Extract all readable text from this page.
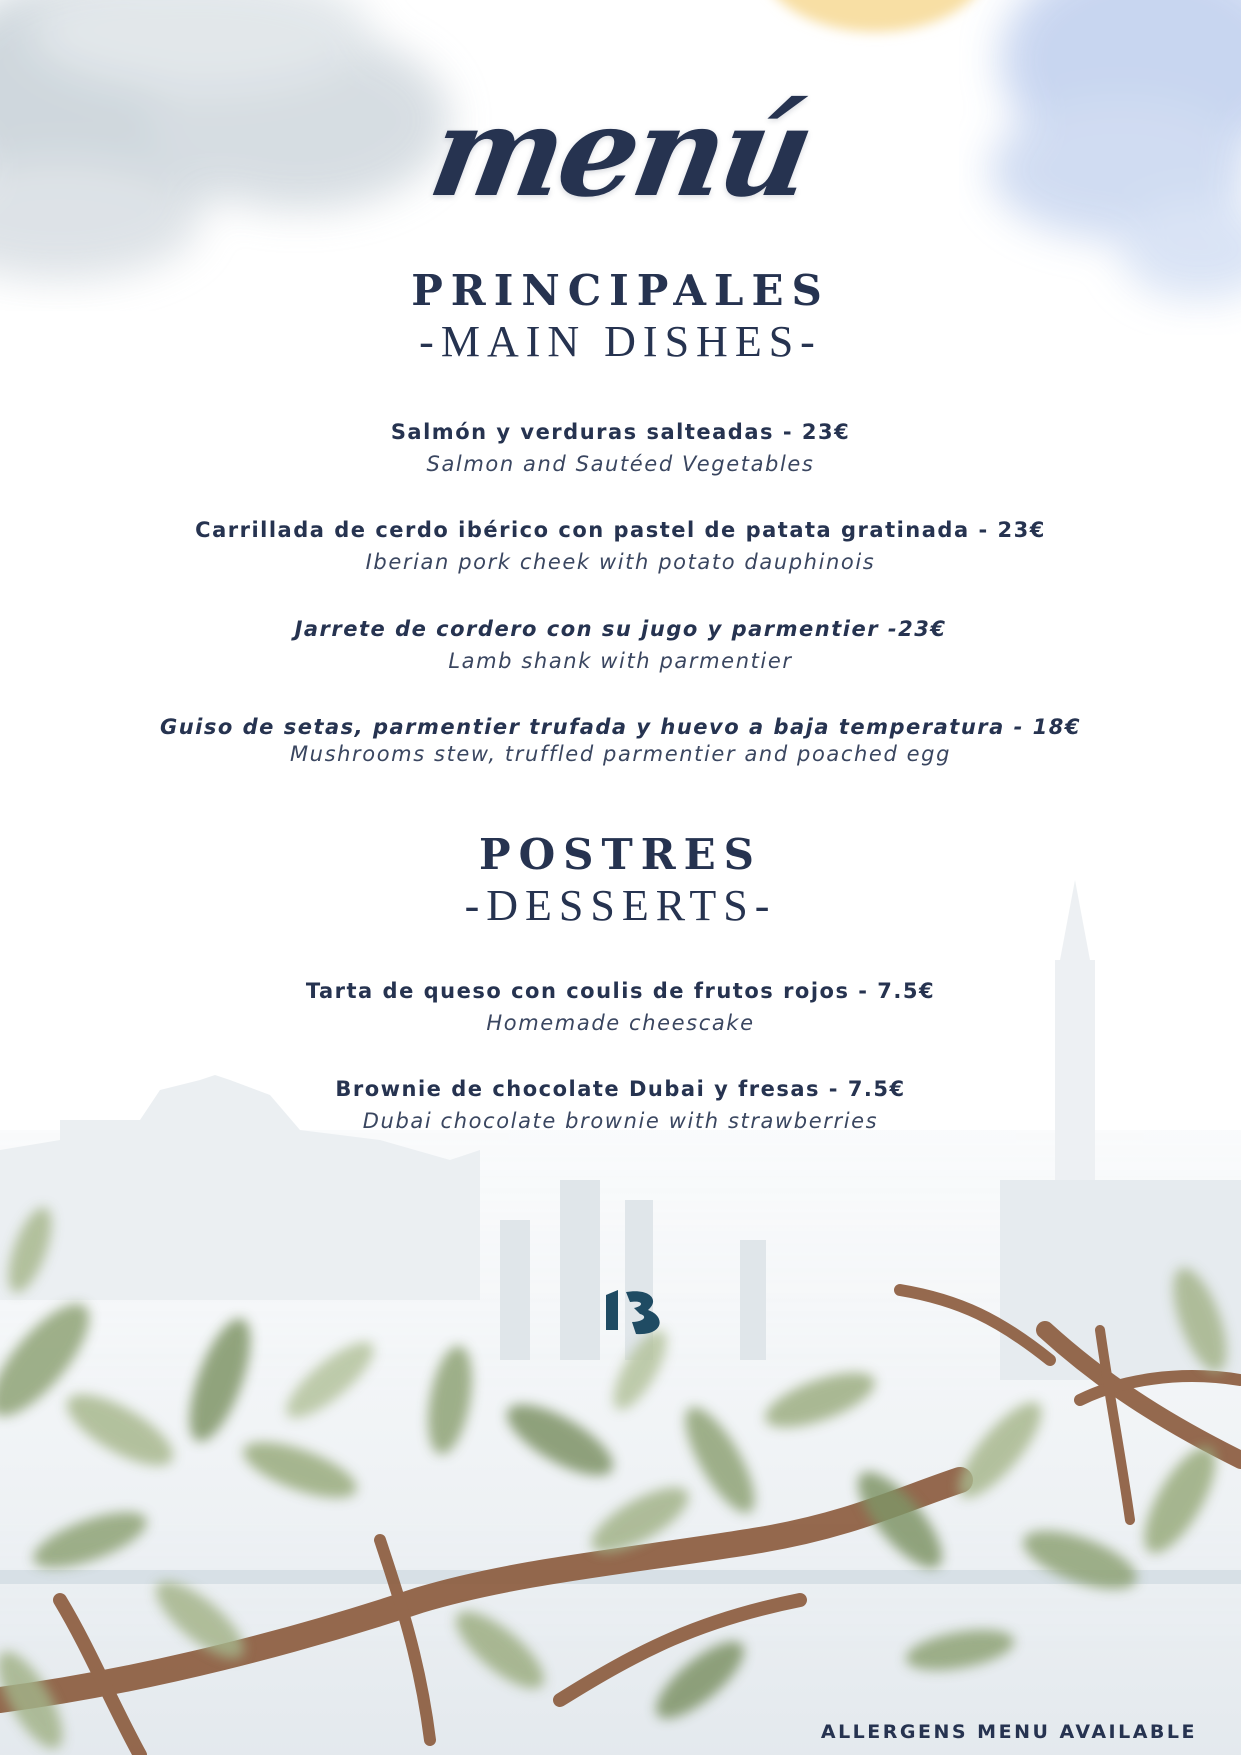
menú
PRINCIPALES
-MAIN DISHES-
Salmón y verduras salteadas - 23€
Salmon and Sautéed Vegetables
Carrillada de cerdo ibérico con pastel de patata gratinada - 23€
Iberian pork cheek with potato dauphinois
Jarrete de cordero con su jugo y parmentier -23€
Lamb shank with parmentier
Guiso de setas, parmentier trufada y huevo a baja temperatura - 18€
Mushrooms stew, truffled parmentier and poached egg
POSTRES
-DESSERTS-
Tarta de queso con coulis de frutos rojos - 7.5€
Homemade cheescake
Brownie de chocolate Dubai y fresas - 7.5€
Dubai chocolate brownie with strawberries
ALLERGENS MENU AVAILABLE
